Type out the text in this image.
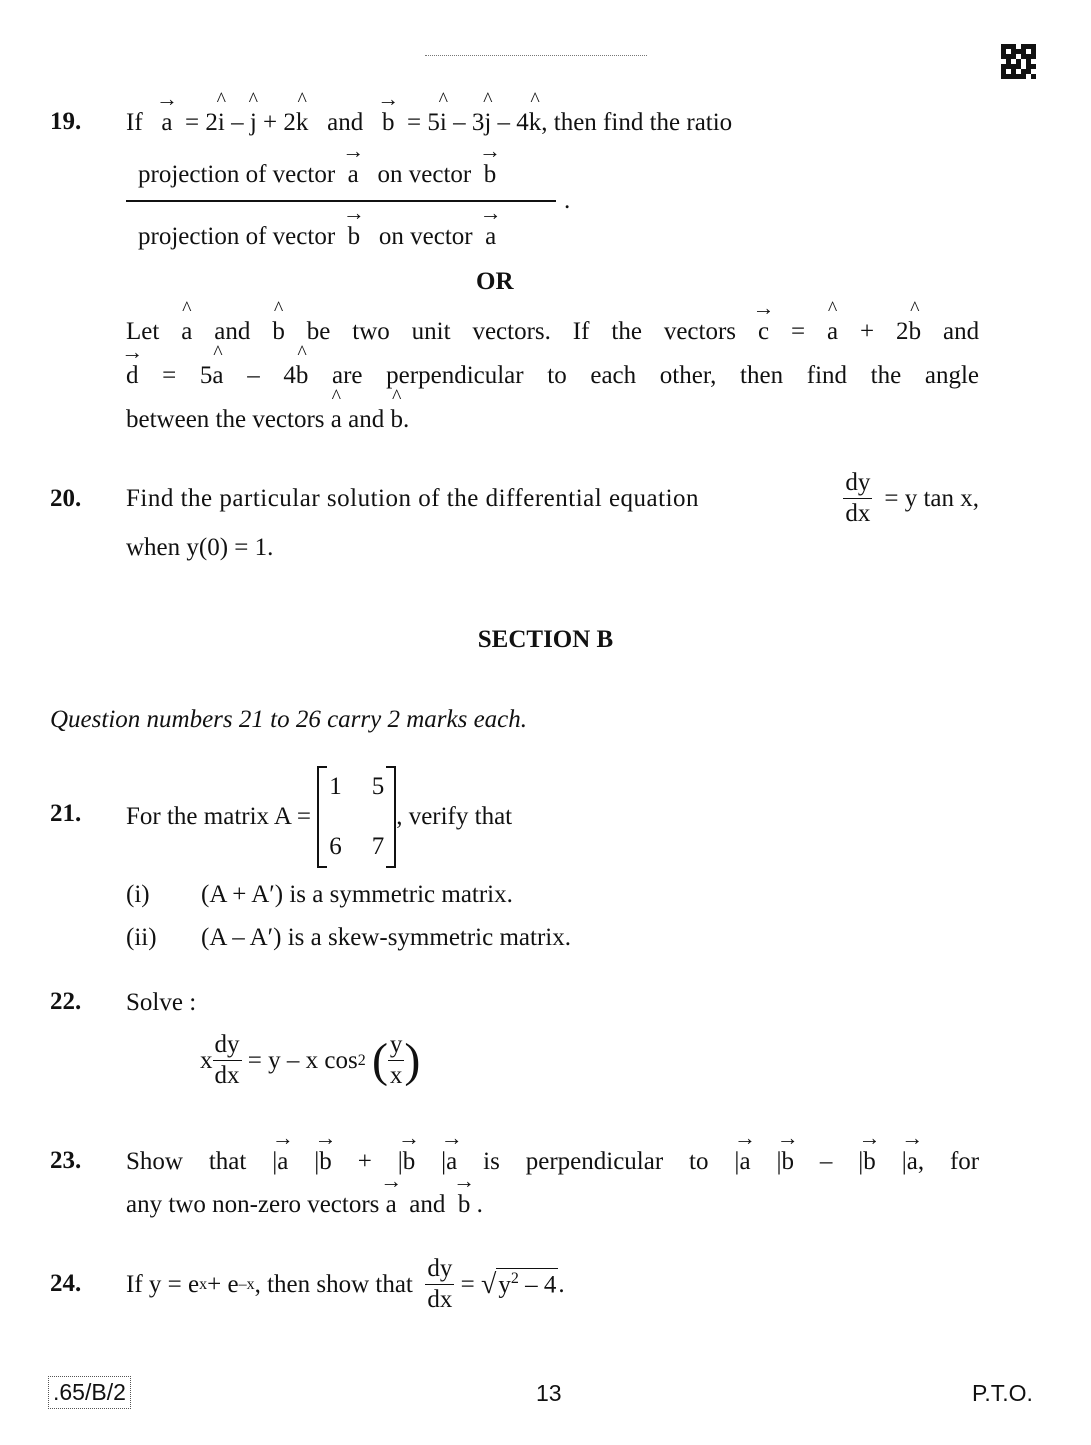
19. If → a = 2^ i – ^ j + 2^ k and → b = 5^ i – 3^ j – 4^ k, then find the ratio
projection of vector → a on vector → b
projection of vector → b on vector → a
.
OR
Let ^ a and ^ b be two unit vectors. If the vectors → c = ^ a + 2^ b and
→ d = 5^ a – 4^ b are perpendicular to each other, then find the angle
between the vectors ^ a and ^ b.
20. Find the particular solution of the differential equation	$\frac{dy}{dx} = y$ tan x,
when y(0) = 1.
SECTION B
Question numbers 21 to 26 carry 2 marks each.
21. For the matrix A =

1 5
6 7
, verify that
(i) (A + A′) is a symmetric matrix.
(ii) (A – A′) is a skew-symmetric matrix.
22. Solve :
x $\frac{dy}{dx}$
= y – x cos 2
( $\frac{y}{x}$ )
23. Show that |→ a |→ b + |→ b |→ a is perpendicular to |→ a |→ b – |→ b |→ a, for
any two non-zero vectors → a and → b .
24. If y = e x + e –x , then show that
$\frac{dy}{dx}$
=
√ $y^2 - 4$ .
.65/B/2	13	P.T.O.
